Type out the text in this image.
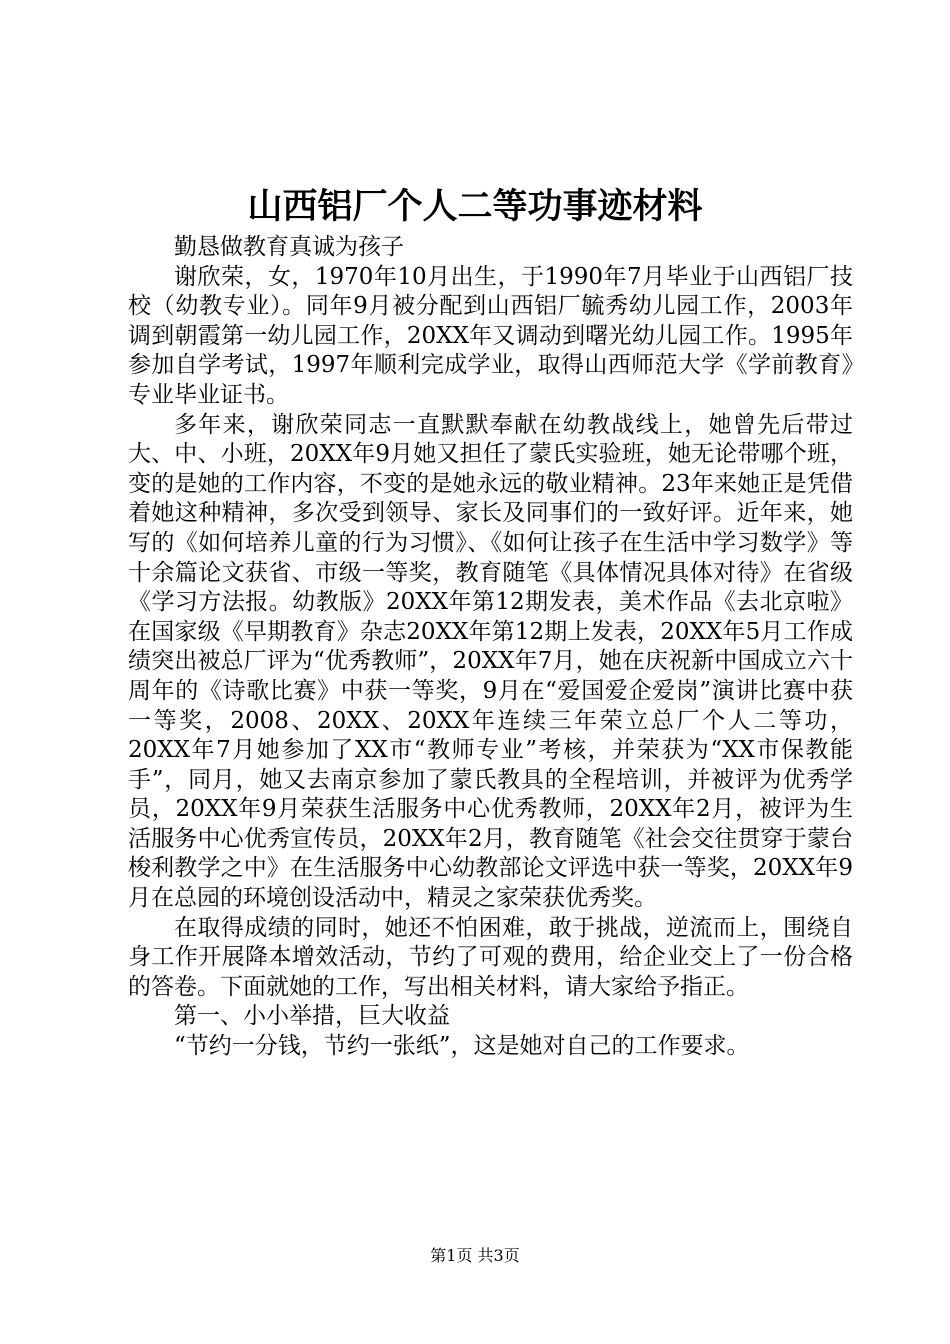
山西铝厂个人二等功事迹材料

勤恳做教育真诚为孩子

谢欣荣，女，1970年10月出生，于1990年7月毕业于山西铝厂技校（幼教专业）。同年9月被分配到山西铝厂毓秀幼儿园工作，2003年调到朝霞第一幼儿园工作，20XX年又调动到曙光幼儿园工作。1995年参加自学考试，1997年顺利完成学业，取得山西师范大学《学前教育》专业毕业证书。

多年来，谢欣荣同志一直默默奉献在幼教战线上，她曾先后带过大、中、小班，20XX年9月她又担任了蒙氏实验班，她无论带哪个班，变的是她的工作内容，不变的是她永远的敬业精神。23年来她正是凭借着她这种精神，多次受到领导、家长及同事们的一致好评。近年来，她写的《如何培养儿童的行为习惯》、《如何让孩子在生活中学习数学》等十余篇论文获省、市级一等奖，教育随笔《具体情况具体对待》在省级《学习方法报。幼教版》20XX年第12期发表，美术作品《去北京啦》在国家级《早期教育》杂志20XX年第12期上发表，20XX年5月工作成绩突出被总厂评为“优秀教师”，20XX年7月，她在庆祝新中国成立六十周年的《诗歌比赛》中获一等奖，9月在“爱国爱企爱岗”演讲比赛中获一等奖，2008、20XX、20XX年连续三年荣立总厂个人二等功，20XX年7月她参加了XX市“教师专业”考核，并荣获为“XX市保教能手”，同月，她又去南京参加了蒙氏教具的全程培训，并被评为优秀学员，20XX年9月荣获生活服务中心优秀教师，20XX年2月，被评为生活服务中心优秀宣传员，20XX年2月，教育随笔《社会交往贯穿于蒙台梭利教学之中》在生活服务中心幼教部论文评选中获一等奖，20XX年9月在总园的环境创设活动中，精灵之家荣获优秀奖。

在取得成绩的同时，她还不怕困难，敢于挑战，逆流而上，围绕自身工作开展降本增效活动，节约了可观的费用，给企业交上了一份合格的答卷。下面就她的工作，写出相关材料，请大家给予指正。

第一、小小举措，巨大收益

“节约一分钱，节约一张纸”，这是她对自己的工作要求。

第1页 共3页
